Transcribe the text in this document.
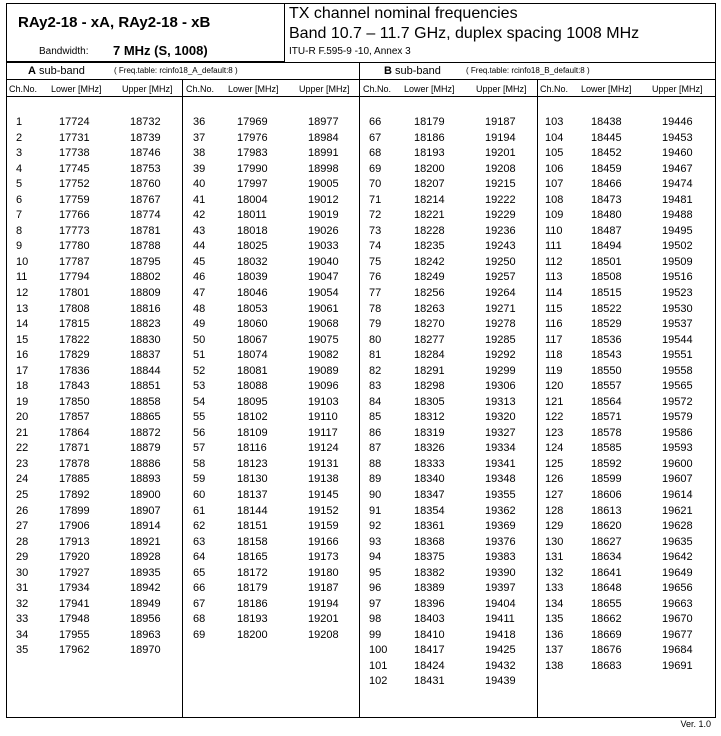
RAy2-18 - xA, RAy2-18 - xB
Bandwidth: 7 MHz (S, 1008)
TX channel nominal frequencies
Band 10.7 – 11.7 GHz, duplex spacing 1008 MHz
ITU-R F.595-9 -10, Annex 3
A sub-band	( Freq.table: rcinfo18_A_default:8 )	B sub-band	( Freq.table: rcinfo18_B_default:8 )
Ch.No. Lower [MHz] Upper [MHz] Ch.No. Lower [MHz] Upper [MHz] Ch.No. Lower [MHz] Upper [MHz] Ch.No. Lower [MHz] Upper [MHz]
1	17724	18732
2	17731	18739
3	17738	18746
4	17745	18753
5	17752	18760
6	17759	18767
7	17766	18774
8	17773	18781
9	17780	18788
10	17787	18795
11	17794	18802
12	17801	18809
13	17808	18816
14	17815	18823
15	17822	18830
16	17829	18837
17	17836	18844
18	17843	18851
19	17850	18858
20	17857	18865
21	17864	18872
22	17871	18879
23	17878	18886
24	17885	18893
25	17892	18900
26	17899	18907
27	17906	18914
28	17913	18921
29	17920	18928
30	17927	18935
31	17934	18942
32	17941	18949
33	17948	18956
34	17955	18963
35	17962	18970
36	17969	18977
37	17976	18984
38	17983	18991
39	17990	18998
40	17997	19005
41	18004	19012
42	18011	19019
43	18018	19026
44	18025	19033
45	18032	19040
46	18039	19047
47	18046	19054
48	18053	19061
49	18060	19068
50	18067	19075
51	18074	19082
52	18081	19089
53	18088	19096
54	18095	19103
55	18102	19110
56	18109	19117
57	18116	19124
58	18123	19131
59	18130	19138
60	18137	19145
61	18144	19152
62	18151	19159
63	18158	19166
64	18165	19173
65	18172	19180
66	18179	19187
67	18186	19194
68	18193	19201
69	18200	19208
66	18179	19187
67	18186	19194
68	18193	19201
69	18200	19208
70	18207	19215
71	18214	19222
72	18221	19229
73	18228	19236
74	18235	19243
75	18242	19250
76	18249	19257
77	18256	19264
78	18263	19271
79	18270	19278
80	18277	19285
81	18284	19292
82	18291	19299
83	18298	19306
84	18305	19313
85	18312	19320
86	18319	19327
87	18326	19334
88	18333	19341
89	18340	19348
90	18347	19355
91	18354	19362
92	18361	19369
93	18368	19376
94	18375	19383
95	18382	19390
96	18389	19397
97	18396	19404
98	18403	19411
99	18410	19418
100 18417	19425
101 18424	19432
102 18431	19439
103	18438	19446
104	18445	19453
105	18452	19460
106	18459	19467
107	18466	19474
108	18473	19481
109	18480	19488
110	18487	19495
111	18494	19502
112	18501	19509
113	18508	19516
114	18515	19523
115	18522	19530
116	18529	19537
117	18536	19544
118	18543	19551
119	18550	19558
120	18557	19565
121	18564	19572
122	18571	19579
123	18578	19586
124	18585	19593
125	18592	19600
126	18599	19607
127	18606	19614
128	18613	19621
129	18620	19628
130	18627	19635
131	18634	19642
132	18641	19649
133	18648	19656
134	18655	19663
135	18662	19670
136	18669	19677
137	18676	19684
138	18683	19691
Ver. 1.0
